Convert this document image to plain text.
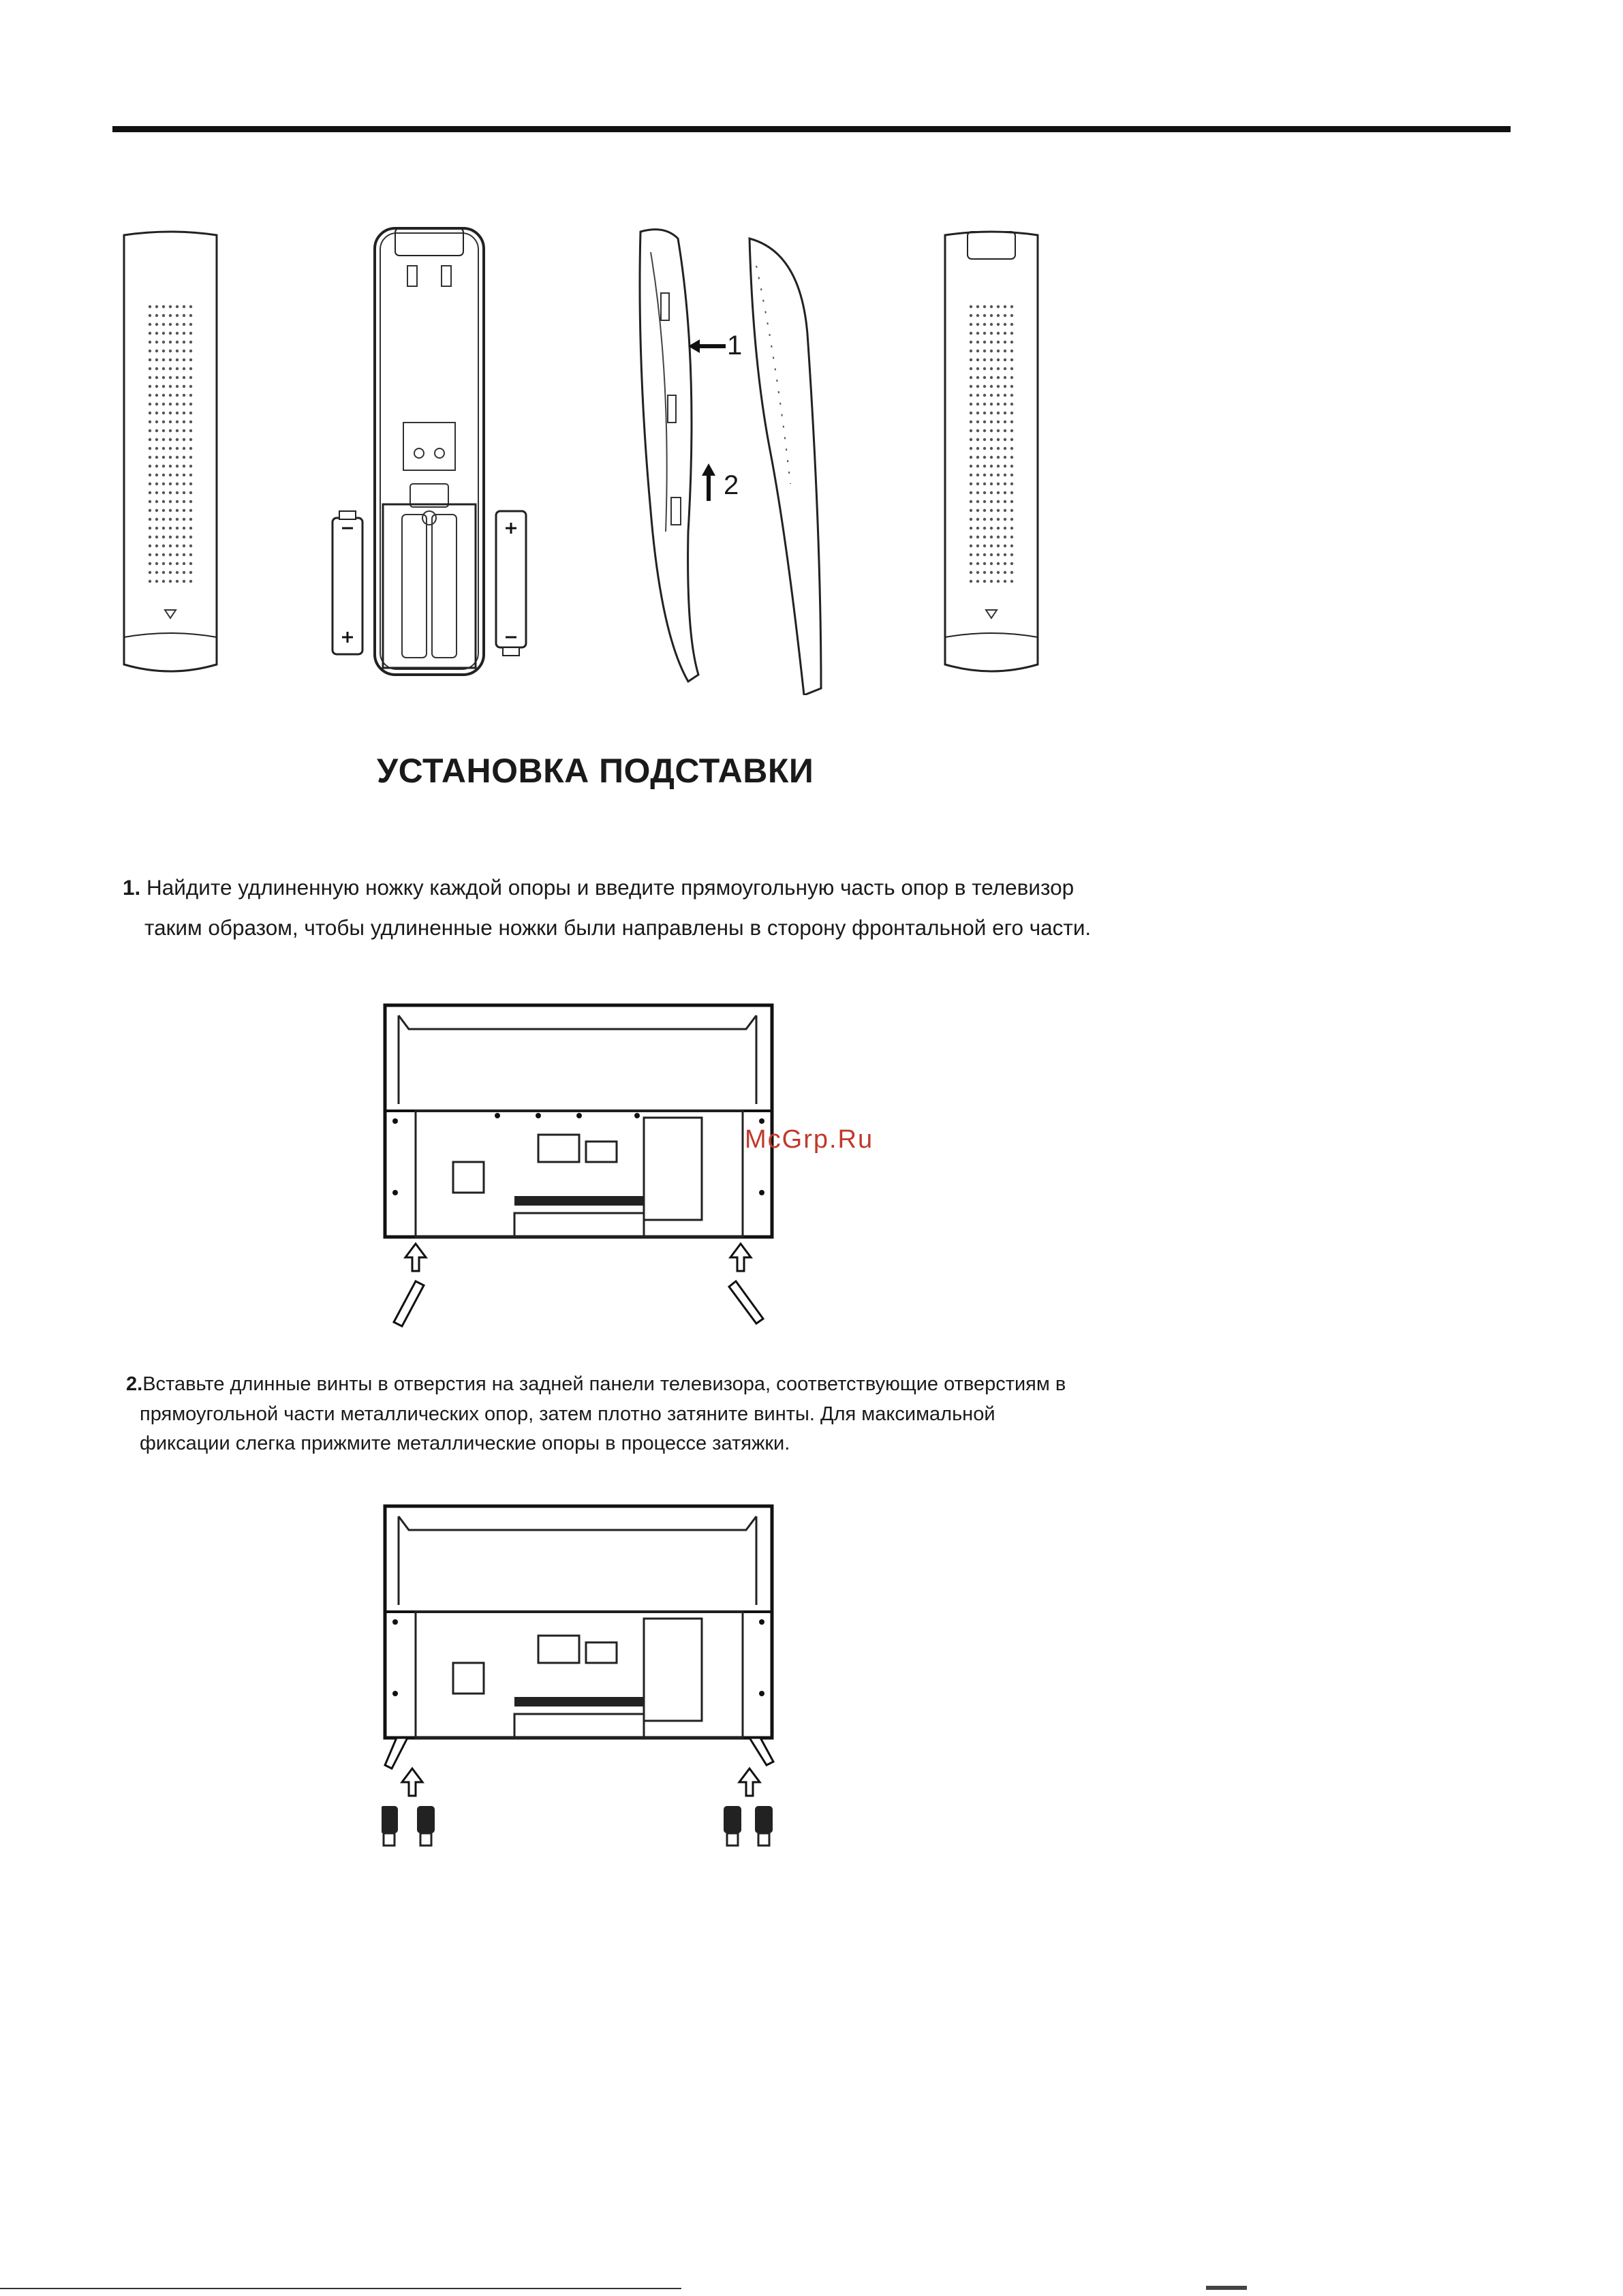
1
2
УСТАНОВКА ПОДСТАВКИ
1. Найдите удлиненную ножку каждой опоры и введите прямоугольную часть опор в телевизор
таким образом, чтобы удлиненные ножки были направлены в сторону фронтальной его части.
McGrp.Ru
2.Вставьте длинные винты в отверстия на задней панели телевизора, соответствующие отверстиям в
прямоугольной части металлических опор, затем плотно затяните винты. Для максимальной
фиксации слегка прижмите металлические опоры в процессе затяжки.
